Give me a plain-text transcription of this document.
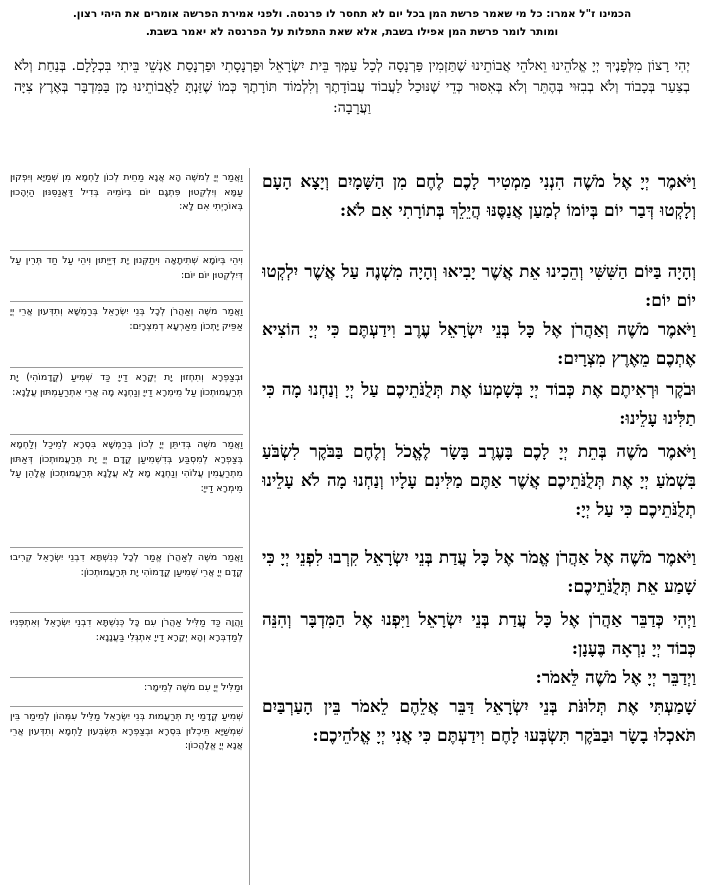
הכמינו ז"ל אמרו: כל מי שאמר פרשת המן בכל יום לא תחסר לו פרנסה. ולפני אמירת הפרשה אומרים את היהי רצון.
ומותר לומר פרשת המן אפילו בשבת, אלא שאת התפלות על הפרנסה לא יאמר בשבת.
יְהִי רָצוֹן מִלְּפָנֶיךָ יְיָ אֱלֹהֵינוּ וֵאלֹהֵי אֲבוֹתֵינוּ שֶׁתַּזְמִין פַּרְנָסָה לְכָל עַמְּךָ בֵּית יִשְׂרָאֵל וּפַרְנָסָתִי וּפַרְנָסַת אַנְשֵׁי בֵּיתִי בִּכְלָלָם. בְּנַחַת וְלֹא בְצַעַר בְּכָבוֹד וְלֹא בְבִזּוּי בְּהֶתֵּר וְלֹא בְּאִסּוּר כְּדֵי שֶׁנּוּכַל לַעֲבוֹד עֲבוֹדָתֶךָ וְלִלְמוֹד תּוֹרָתֶךָ כְּמוֹ שֶׁזַּנְתָּ לַאֲבוֹתֵינוּ מָן בַּמִּדְבָּר בְּאֶרֶץ צִיָּה וַעֲרָבָה:

וַאֲמַר יְיָ לְמשֶׁה הָא אֲנָא מַחֵית לְכוֹן לַחְמָא מִן שְׁמַיָּא וְיִפְקוּן עַמָּא וְיִלְקְטוּן פִּתְגָם יוֹם בְּיוֹמֵיהּ בְּדִיל דַּאֲנַסֵּנּוּן הַיְהָכוּן בְּאוֹרָיְתִי אִם לָא:

וִיהֵי בְּיוֹמָא שְׁתִיתָאָה וִיתַקְּנוּן יָת דְּיַיְתוּן וִיהֵי עַל חַד תְּרֵין עַל דְּיִלְקְטוּן יוֹם יוֹם:

וַאֲמַר משֶׁה וְאַהֲרֹן לְכָל בְּנֵי יִשְׂרָאֵל בְּרַמְשָׁא וְתִדְּעוּן אֲרֵי יְיָ אַפֵּיק יָתְכוֹן מֵאַרְעָא דְמִצְרָיִם:

וּבְצַפְרָא וְתִחְזוּן יָת יְקָרָא דַייָ כַּד שְׁמִיעַ (קֳדָמוֹהִי) יָת תְּרַעֲמוּתְכוֹן עַל מֵימְרָא דַייָ וְנַחְנָא מָה אֲרֵי אִתְרַעַמְתּוּן עֲלָנָא:

וַאֲמַר משֶׁה בְּדִיתֵּן יְיָ לְכוֹן בְּרַמְשָׁא בִּסְרָא לְמֵיכַל וְלַחְמָא בְּצַפְרָא לְמִסְבַּע בְּדִשְׁמִיעַן קֳדָם יְיָ יָת תְּרַעֲמוּתְכוֹן דְּאַתּוּן מִתְרַעֲמִין עֲלוֹהִי וְנַחְנָא מָא לָא עֲלָנָא תְּרַעֲמוּתְכוֹן אֱלָהֵן עַל מֵימְרָא דַייָ:

וַאֲמַר משֶׁה לְאַהֲרֹן אֱמַר לְכָל כְּנִשְׁתָּא דִבְנֵי יִשְׂרָאֵל קְרִיבוּ קֳדָם יְיָ אֲרֵי שְׁמִיעַן קֳדָמוֹהִי יָת תְּרַעֲמוּתְכוֹן:

וַהֲוָה כַּד מַלִּיל אַהֲרֹן עִם כָּל כְּנִשְׁתָּא דִבְנֵי יִשְׂרָאֵל וְאִתְפְּנִיוּ לְמַדְבְּרָא וְהָא יְקָרָא דַייָ אִתְגְּלִי בַּעֲנָנָא:

וּמַלִּיל יְיָ עִם משֶׁה לְמֵימָר:

שְׁמִיעַ קֳדָמַי יָת תְּרַעֲמוּת בְּנֵי יִשְׂרָאֵל מַלֵּיל עִמְּהוֹן לְמֵימַר בֵּין שִׁמְשַׁיָּא תֵּיכְלוּן בִּסְרָא וּבְצַפְרָא תִּשְׂבְּעוּן לַחְמָא וְתִדְּעוּן אֲרֵי אֲנָא יְיָ אֱלָהֲכוֹן:

וַיֹּאמֶר יְיָ אֶל מֹשֶׁה הִנְנִי מַמְטִיר לָכֶם לֶחֶם מִן הַשָּׁמָיִם וְיָצָא הָעָם וְלָקְטוּ דְּבַר יוֹם בְּיוֹמוֹ לְמַעַן אֲנַסֶּנּוּ הֲיֵלֵךְ בְּתוֹרָתִי אִם לֹא:

וְהָיָה בַּיּוֹם הַשִּׁשִּׁי וְהֵכִינוּ אֵת אֲשֶׁר יָבִיאוּ וְהָיָה מִשְׁנֶה עַל אֲשֶׁר יִלְקְטוּ יוֹם יוֹם:

וַיֹּאמֶר מֹשֶׁה וְאַהֲרֹן אֶל כָּל בְּנֵי יִשְׂרָאֵל עֶרֶב וִידַעְתֶּם כִּי יְיָ הוֹצִיא אֶתְכֶם מֵאֶרֶץ מִצְרָיִם:

וּבֹקֶר וּרְאִיתֶם אֶת כְּבוֹד יְיָ בְּשָׁמְעוֹ אֶת תְּלֻנֹּתֵיכֶם עַל יְיָ וְנַחְנוּ מָה כִּי תַלִּינוּ עָלֵינוּ:

וַיֹּאמֶר מֹשֶׁה בְּתֵת יְיָ לָכֶם בָּעֶרֶב בָּשָׂר לֶאֱכֹל וְלֶחֶם בַּבֹּקֶר לִשְׂבֹּעַ בִּשְׁמֹעַ יְיָ אֶת תְּלֻנֹּתֵיכֶם אֲשֶׁר אַתֶּם מַלִּינִם עָלָיו וְנַחְנוּ מָה לֹא עָלֵינוּ תְלֻנֹּתֵיכֶם כִּי עַל יְיָ:

וַיֹּאמֶר מֹשֶׁה אֶל אַהֲרֹן אֱמֹר אֶל כָּל עֲדַת בְּנֵי יִשְׂרָאֵל קִרְבוּ לִפְנֵי יְיָ כִּי שָׁמַע אֵת תְּלֻנֹּתֵיכֶם:

וַיְהִי כְּדַבֵּר אַהֲרֹן אֶל כָּל עֲדַת בְּנֵי יִשְׂרָאֵל וַיִּפְנוּ אֶל הַמִּדְבָּר וְהִנֵּה כְּבוֹד יְיָ נִרְאָה בֶּעָנָן:

וַיְדַבֵּר יְיָ אֶל מֹשֶׁה לֵּאמֹר:

שָׁמַעְתִּי אֶת תְּלוּנֹּת בְּנֵי יִשְׂרָאֵל דַּבֵּר אֲלֵהֶם לֵאמֹר בֵּין הָעַרְבַּיִם תֹּאכְלוּ בָשָׂר וּבַבֹּקֶר תִּשְׂבְּעוּ לָחֶם וִידַעְתֶּם כִּי אֲנִי יְיָ אֱלֹהֵיכֶם:
